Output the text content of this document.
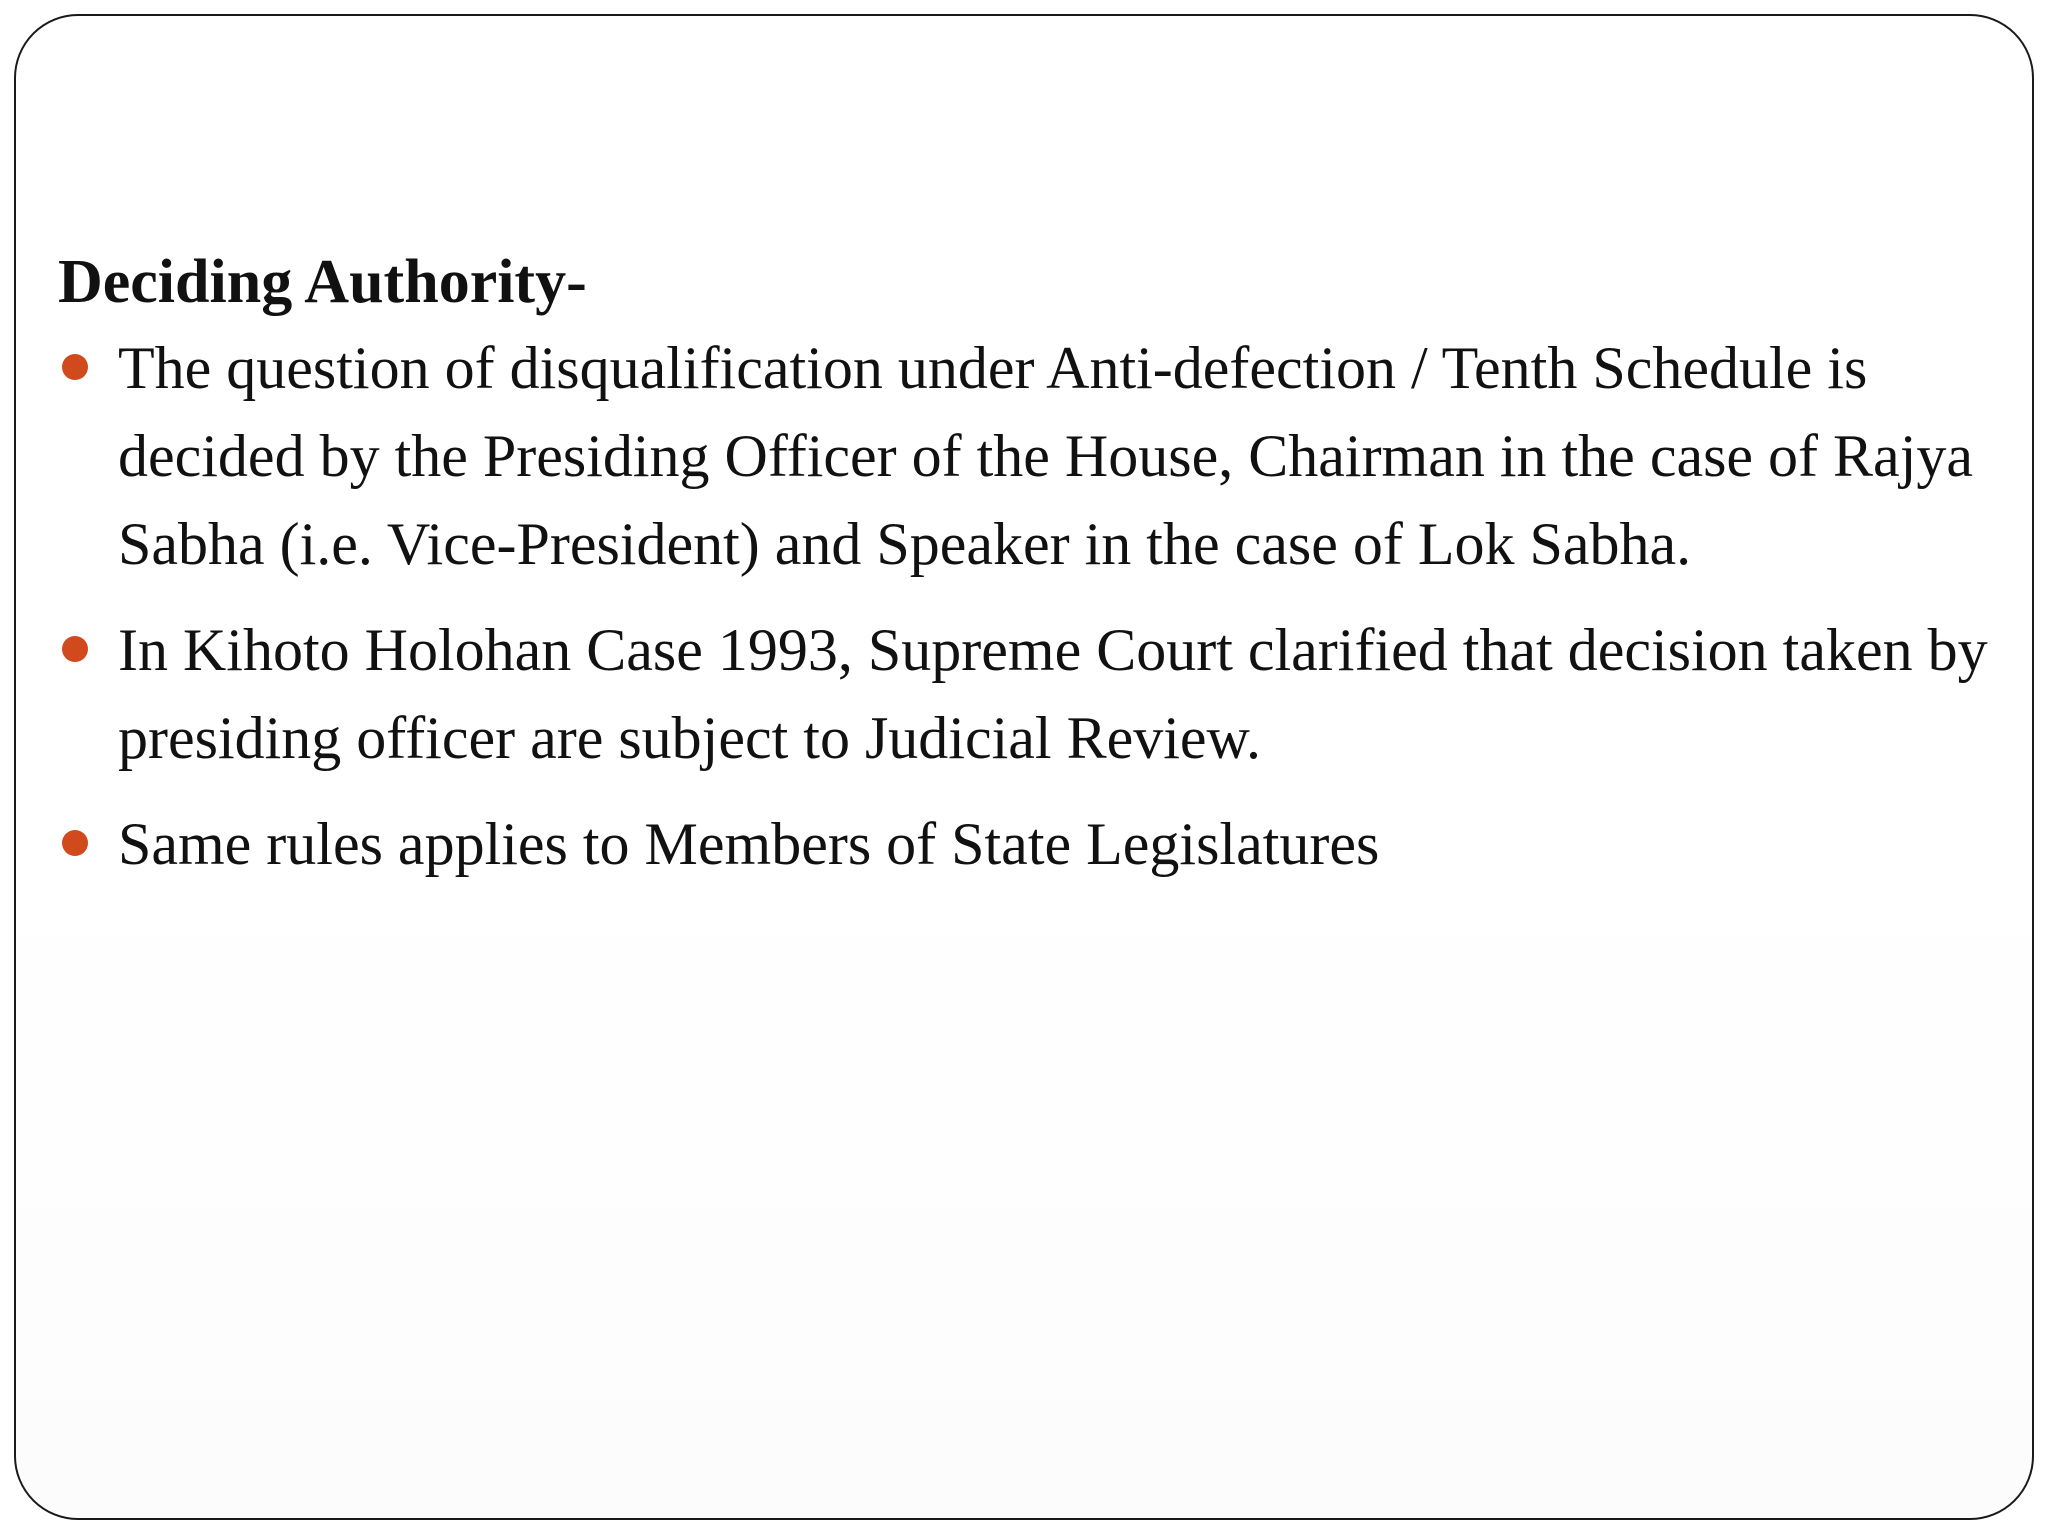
Deciding Authority-
The question of disqualification under Anti-defection / Tenth Schedule is decided by the Presiding Officer of the House, Chairman in the case of Rajya Sabha (i.e. Vice-President) and Speaker in the case of Lok Sabha.
In Kihoto Holohan Case 1993, Supreme Court clarified that decision taken by presiding officer are subject to Judicial Review.
Same rules applies to Members of State Legislatures
